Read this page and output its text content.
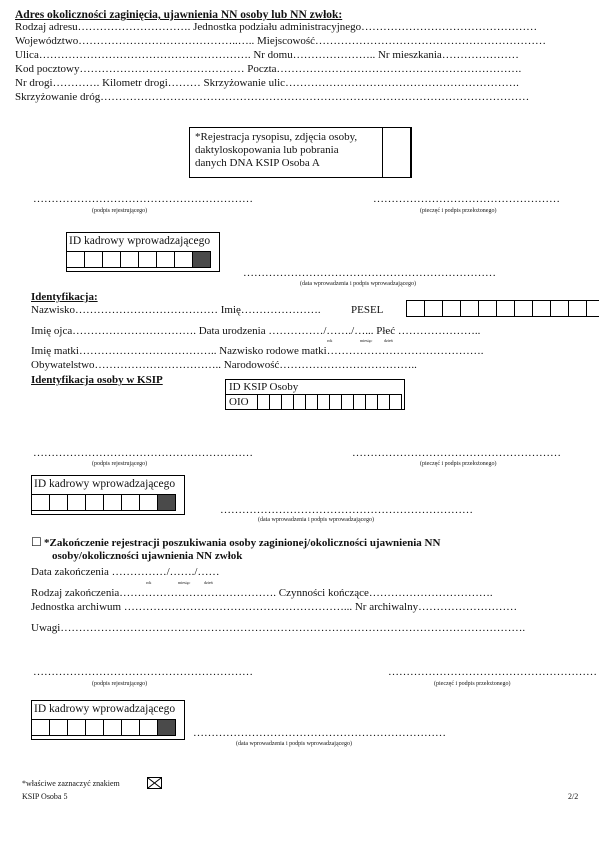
Adres okoliczności zaginięcia, ujawnienia NN osoby lub NN zwłok:
Rodzaj adresu…………………………. Jednostka podziału administracyjnego…………………………………………
Województwo……………………………………..….. Miejscowość………………………………………………………
Ulica…………………………………………………. Nr domu………………….. Nr mieszkania…………………
Kod pocztowy……………………………………… Poczta………………………………………………………….
Nr drogi…………. Kilometr drogi……… Skrzyżowanie ulic……………………………………………………….
Skrzyżowanie dróg………………………………………………………………………………………………………
*Rejestracja rysopisu, zdjęcia osoby,
daktyloskopowania lub pobrania
danych DNA KSIP Osoba A
……………………………………………………	……………………………………………
(podpis rejestrującego)	(pieczęć i podpis przełożonego)
ID kadrowy wprowadzającego
……………………………………………………………
(data wprowadzenia i podpis wprowadzającego)
Identyfikacja:
Nazwisko………………………………… Imię………………….	PESEL
Imię ojca……………………………. Data urodzenia ……………/……./…... Płeć …………………..
rok	miesiąc	dzień
Imię matki……………………………….. Nazwisko rodowe matki…………………………………….
Obywatelstwo…………………………….. Narodowość………………………………..
Identyfikacja osoby w KSIP
ID KSIP Osoby
OIO
……………………………………………………	…………………………………………………
(podpis rejestrującego)	(pieczęć i podpis przełożonego)
ID kadrowy wprowadzającego
……………………………………………………………
(data wprowadzenia i podpis wprowadzającego)
☐ *Zakończenie rejestracji poszukiwania osoby zaginionej/okoliczności ujawnienia NN
osoby/okoliczności ujawnienia NN zwłok
Data zakończenia ……………/……./……
rok	miesiąc	dzień
Rodzaj zakończenia……………………………………. Czynności kończące…………………………….
Jednostka archiwum ……………………………………………………... Nr archiwalny………………………
Uwagi……………………………………………………………………………………………………………….
……………………………………………………	…………………………………………………
(podpis rejestrującego)	(pieczęć i podpis przełożonego)
ID kadrowy wprowadzającego
……………………………………………………………
(data wprowadzenia i podpis wprowadzającego)
*właściwe zaznaczyć znakiem
KSIP Osoba 5	2/2
